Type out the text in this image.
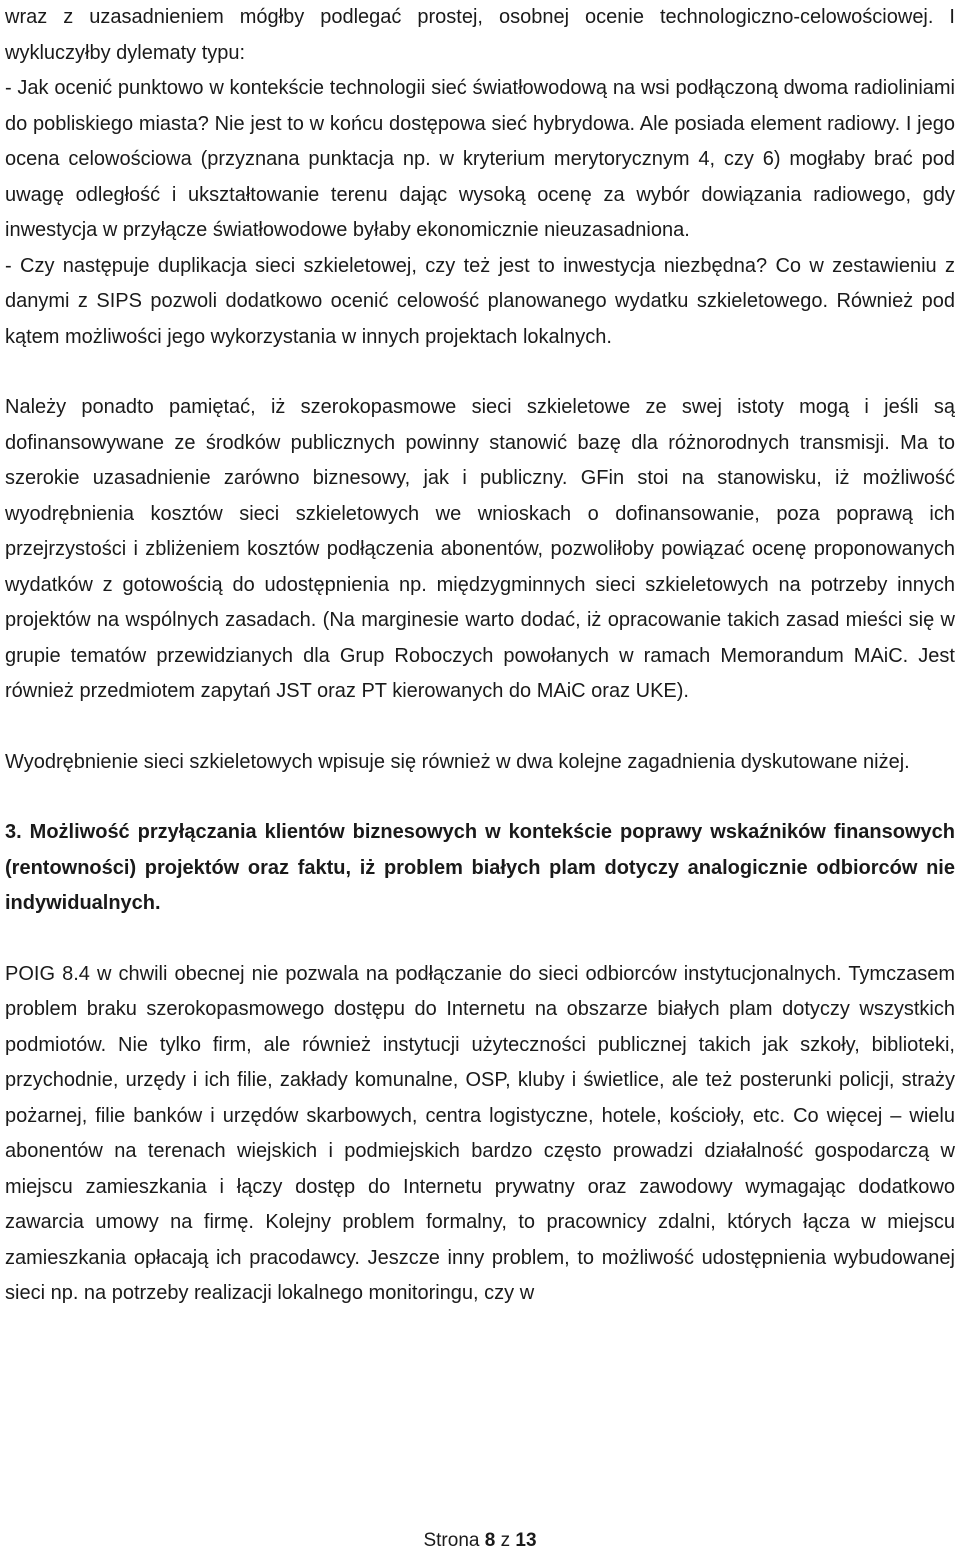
wraz z uzasadnieniem mógłby podlegać prostej, osobnej ocenie technologiczno-celowościowej. I wykluczyłby dylematy typu:

- Jak ocenić punktowo w kontekście technologii sieć światłowodową na wsi podłączoną dwoma radioliniami do pobliskiego miasta? Nie jest to w końcu dostępowa sieć hybrydowa. Ale posiada element radiowy. I jego ocena celowościowa (przyznana punktacja np. w kryterium merytorycznym 4, czy 6) mogłaby brać pod uwagę odległość i ukształtowanie terenu dając wysoką ocenę za wybór dowiązania radiowego, gdy inwestycja w przyłącze światłowodowe byłaby ekonomicznie nieuzasadniona.

- Czy następuje duplikacja sieci szkieletowej, czy też jest to inwestycja niezbędna? Co w zestawieniu z danymi z SIPS pozwoli dodatkowo ocenić celowość planowanego wydatku szkieletowego. Również pod kątem możliwości jego wykorzystania w innych projektach lokalnych.

Należy ponadto pamiętać, iż szerokopasmowe sieci szkieletowe ze swej istoty mogą i jeśli są dofinansowywane ze środków publicznych powinny stanowić bazę dla różnorodnych transmisji. Ma to szerokie uzasadnienie zarówno biznesowy, jak i publiczny. GFin stoi na stanowisku, iż możliwość wyodrębnienia kosztów sieci szkieletowych we wnioskach o dofinansowanie, poza poprawą ich przejrzystości i zbliżeniem kosztów podłączenia abonentów, pozwoliłoby powiązać ocenę proponowanych wydatków z gotowością do udostępnienia np. międzygminnych sieci szkieletowych na potrzeby innych projektów na wspólnych zasadach. (Na marginesie warto dodać, iż opracowanie takich zasad mieści się w grupie tematów przewidzianych dla Grup Roboczych powołanych w ramach Memorandum MAiC. Jest również przedmiotem zapytań JST oraz PT kierowanych do MAiC oraz UKE).

Wyodrębnienie sieci szkieletowych wpisuje się również w dwa kolejne zagadnienia dyskutowane niżej.

3. Możliwość przyłączania klientów biznesowych w kontekście poprawy wskaźników finansowych (rentowności) projektów oraz faktu, iż problem białych plam dotyczy analogicznie odbiorców nie indywidualnych.

POIG 8.4 w chwili obecnej nie pozwala na podłączanie do sieci odbiorców instytucjonalnych. Tymczasem problem braku szerokopasmowego dostępu do Internetu na obszarze białych plam dotyczy wszystkich podmiotów. Nie tylko firm, ale również instytucji użyteczności publicznej takich jak szkoły, biblioteki, przychodnie, urzędy i ich filie, zakłady komunalne, OSP, kluby i świetlice, ale też posterunki policji, straży pożarnej, filie banków i urzędów skarbowych, centra logistyczne, hotele, kościoły, etc. Co więcej – wielu abonentów na terenach wiejskich i podmiejskich bardzo często prowadzi działalność gospodarczą w miejscu zamieszkania i łączy dostęp do Internetu prywatny oraz zawodowy wymagając dodatkowo zawarcia umowy na firmę. Kolejny problem formalny, to pracownicy zdalni, których łącza w miejscu zamieszkania opłacają ich pracodawcy. Jeszcze inny problem, to możliwość udostępnienia wybudowanej sieci np. na potrzeby realizacji lokalnego monitoringu, czy w

Strona 8 z 13
